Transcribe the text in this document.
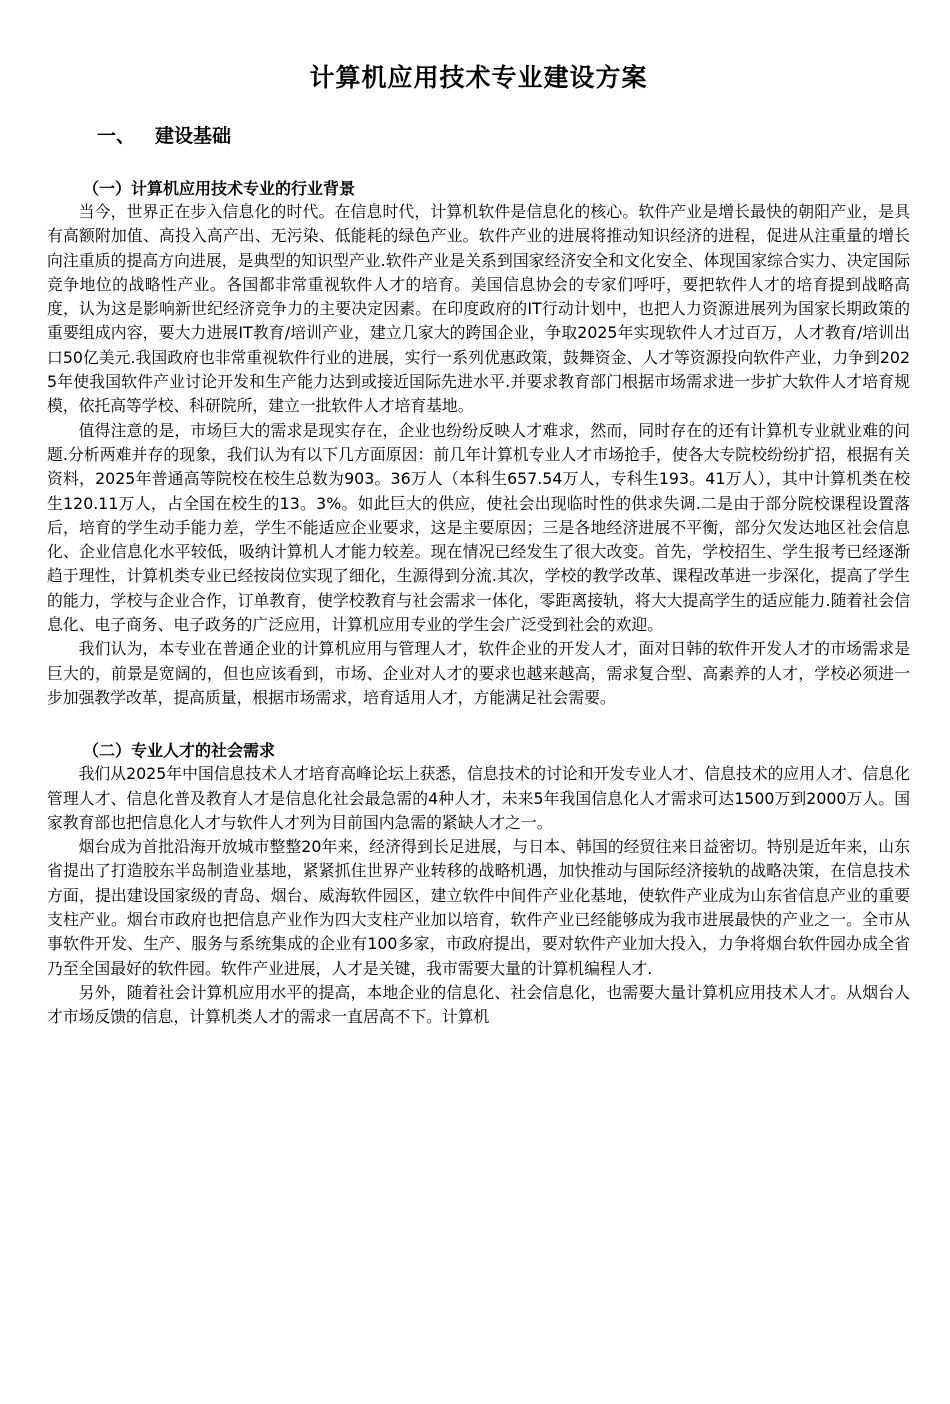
计算机应用技术专业建设方案
一、 建设基础
（一）计算机应用技术专业的行业背景

当今，世界正在步入信息化的时代。在信息时代，计算机软件是信息化的核心。软件产业是增长最快的朝阳产业，是具有高额附加值、高投入高产出、无污染、低能耗的绿色产业。软件产业的进展将推动知识经济的进程，促进从注重量的增长向注重质的提高方向进展，是典型的知识型产业.软件产业是关系到国家经济安全和文化安全、体现国家综合实力、决定国际竞争地位的战略性产业。各国都非常重视软件人才的培育。美国信息协会的专家们呼吁，要把软件人才的培育提到战略高度，认为这是影响新世纪经济竞争力的主要决定因素。在印度政府的IT行动计划中，也把人力资源进展列为国家长期政策的重要组成内容，要大力进展IT教育/培训产业，建立几家大的跨国企业，争取2025年实现软件人才过百万，人才教育/培训出口50亿美元.我国政府也非常重视软件行业的进展，实行一系列优惠政策，鼓舞资金、人才等资源投向软件产业，力争到2025年使我国软件产业讨论开发和生产能力达到或接近国际先进水平.并要求教育部门根据市场需求进一步扩大软件人才培育规模，依托高等学校、科研院所，建立一批软件人才培育基地。

值得注意的是，市场巨大的需求是现实存在，企业也纷纷反映人才难求，然而，同时存在的还有计算机专业就业难的问题.分析两难并存的现象，我们认为有以下几方面原因：前几年计算机专业人才市场抢手，使各大专院校纷纷扩招，根据有关资料，2025年普通高等院校在校生总数为903。36万人（本科生657.54万人，专科生193。41万人），其中计算机类在校生120.11万人，占全国在校生的13。3%。如此巨大的供应，使社会出现临时性的供求失调.二是由于部分院校课程设置落后，培育的学生动手能力差，学生不能适应企业要求，这是主要原因；三是各地经济进展不平衡，部分欠发达地区社会信息化、企业信息化水平较低，吸纳计算机人才能力较差。现在情况已经发生了很大改变。首先，学校招生、学生报考已经逐渐趋于理性，计算机类专业已经按岗位实现了细化，生源得到分流.其次，学校的教学改革、课程改革进一步深化，提高了学生的能力，学校与企业合作，订单教育，使学校教育与社会需求一体化，零距离接轨，将大大提高学生的适应能力.随着社会信息化、电子商务、电子政务的广泛应用，计算机应用专业的学生会广泛受到社会的欢迎。

我们认为，本专业在普通企业的计算机应用与管理人才，软件企业的开发人才，面对日韩的软件开发人才的市场需求是巨大的，前景是宽阔的，但也应该看到，市场、企业对人才的要求也越来越高，需求复合型、高素养的人才，学校必须进一步加强教学改革，提高质量，根据市场需求，培育适用人才，方能满足社会需要。

（二）专业人才的社会需求

我们从2025年中国信息技术人才培育高峰论坛上获悉，信息技术的讨论和开发专业人才、信息技术的应用人才、信息化管理人才、信息化普及教育人才是信息化社会最急需的4种人才，未来5年我国信息化人才需求可达1500万到2000万人。国家教育部也把信息化人才与软件人才列为目前国内急需的紧缺人才之一。

烟台成为首批沿海开放城市整整20年来，经济得到长足进展，与日本、韩国的经贸往来日益密切。特别是近年来，山东省提出了打造胶东半岛制造业基地，紧紧抓住世界产业转移的战略机遇，加快推动与国际经济接轨的战略决策，在信息技术方面，提出建设国家级的青岛、烟台、威海软件园区，建立软件中间件产业化基地，使软件产业成为山东省信息产业的重要支柱产业。烟台市政府也把信息产业作为四大支柱产业加以培育，软件产业已经能够成为我市进展最快的产业之一。全市从事软件开发、生产、服务与系统集成的企业有100多家，市政府提出，要对软件产业加大投入，力争将烟台软件园办成全省乃至全国最好的软件园。软件产业进展，人才是关键，我市需要大量的计算机编程人才.

另外，随着社会计算机应用水平的提高，本地企业的信息化、社会信息化，也需要大量计算机应用技术人才。从烟台人才市场反馈的信息，计算机类人才的需求一直居高不下。计算机
